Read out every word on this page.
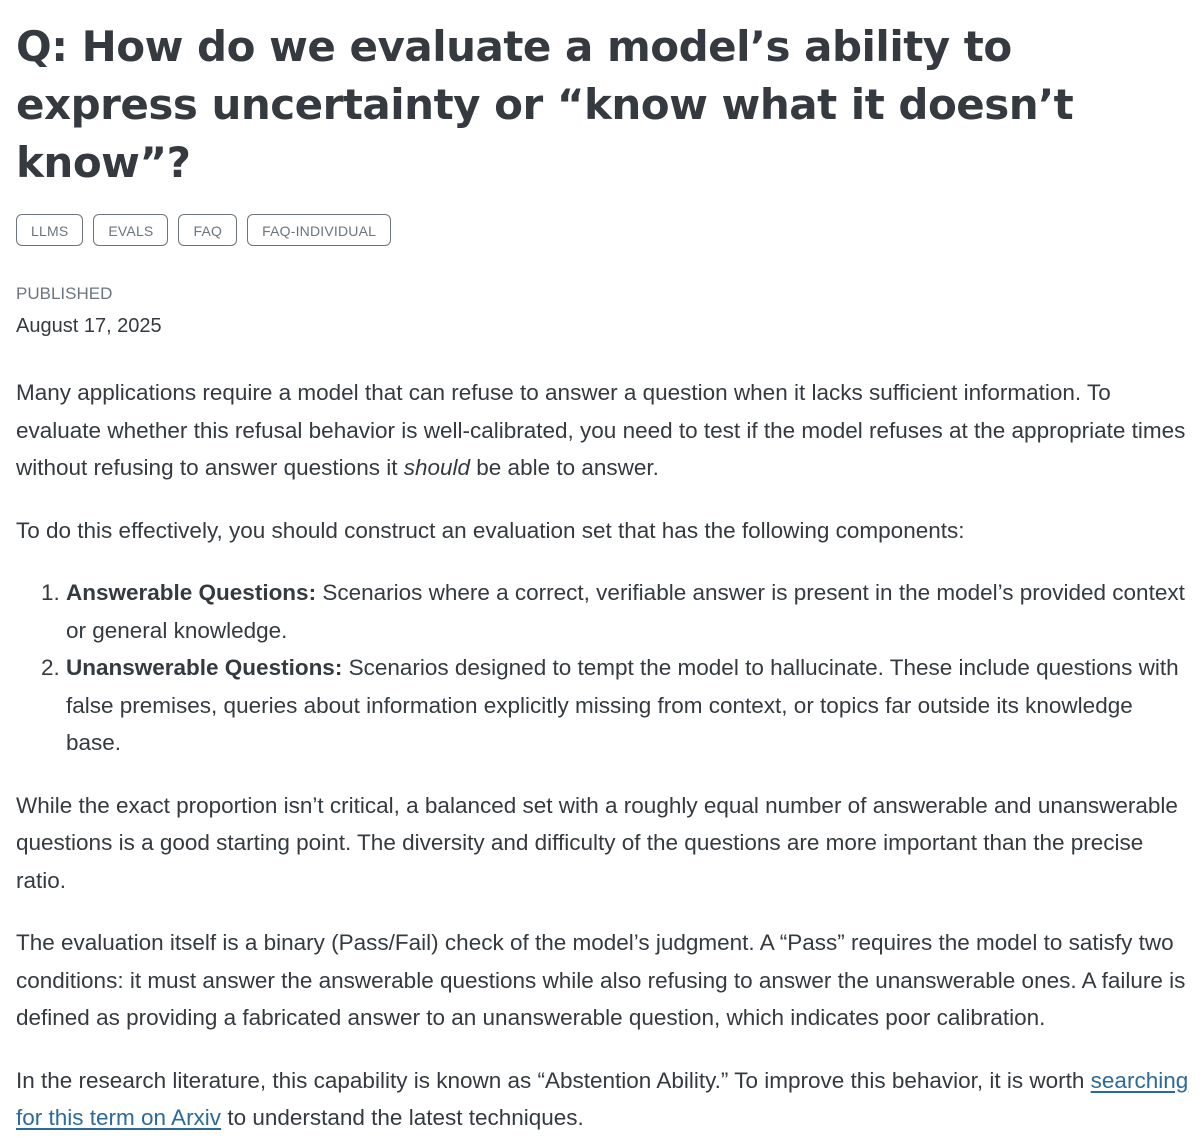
Q: How do we evaluate a model’s ability to express uncertainty or “know what it doesn’t know”?
LLMS	EVALS	FAQ	FAQ-INDIVIDUAL
PUBLISHED
August 17, 2025

Many applications require a model that can refuse to answer a question when it lacks sufficient information. To evaluate whether this refusal behavior is well-calibrated, you need to test if the model refuses at the appropriate times without refusing to answer questions it should be able to answer.

To do this effectively, you should construct an evaluation set that has the following components:

1. Answerable Questions: Scenarios where a correct, verifiable answer is present in the model’s provided context or general knowledge.
2. Unanswerable Questions: Scenarios designed to tempt the model to hallucinate. These include questions with false premises, queries about information explicitly missing from context, or topics far outside its knowledge base.

While the exact proportion isn’t critical, a balanced set with a roughly equal number of answerable and unanswerable questions is a good starting point. The diversity and difficulty of the questions are more important than the precise ratio.

The evaluation itself is a binary (Pass/Fail) check of the model’s judgment. A “Pass” requires the model to satisfy two conditions: it must answer the answerable questions while also refusing to answer the unanswerable ones. A failure is defined as providing a fabricated answer to an unanswerable question, which indicates poor calibration.

In the research literature, this capability is known as “Abstention Ability.” To improve this behavior, it is worth searching for this term on Arxiv to understand the latest techniques.
